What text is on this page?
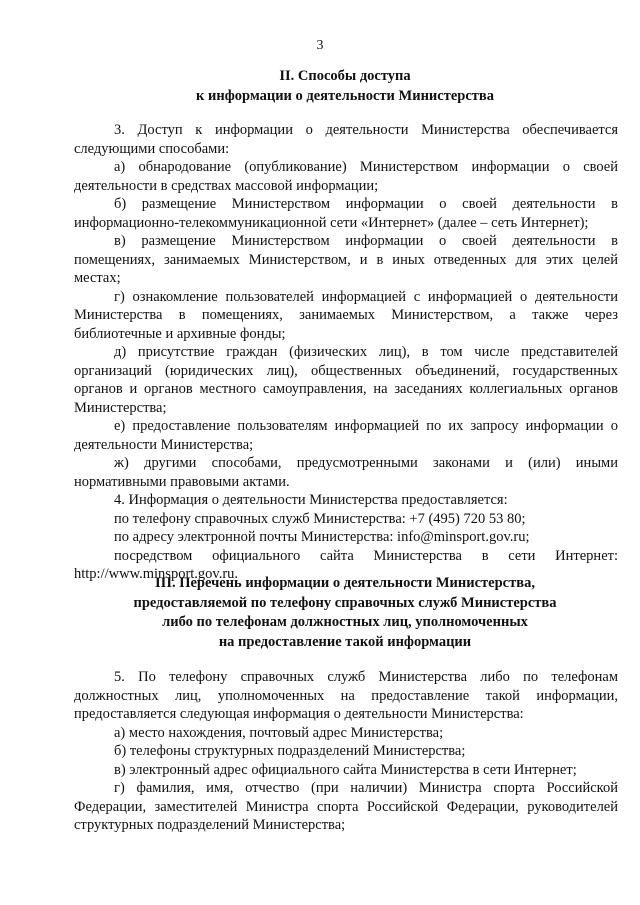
3
II. Способы доступа
к информации о деятельности Министерства

3. Доступ к информации о деятельности Министерства обеспечивается следующими способами:

а) обнародование (опубликование) Министерством информации о своей деятельности в средствах массовой информации;

б) размещение Министерством информации о своей деятельности в информационно-телекоммуникационной сети «Интернет» (далее – сеть Интернет);

в) размещение Министерством информации о своей деятельности в помещениях, занимаемых Министерством, и в иных отведенных для этих целей местах;

г) ознакомление пользователей информацией с информацией о деятельности Министерства в помещениях, занимаемых Министерством, а также через библиотечные и архивные фонды;

д) присутствие граждан (физических лиц), в том числе представителей организаций (юридических лиц), общественных объединений, государственных органов и органов местного самоуправления, на заседаниях коллегиальных органов Министерства;

е) предоставление пользователям информацией по их запросу информации о деятельности Министерства;

ж) другими способами, предусмотренными законами и (или) иными нормативными правовыми актами.

4. Информация о деятельности Министерства предоставляется:

по телефону справочных служб Министерства: +7 (495) 720 53 80;

по адресу электронной почты Министерства: info@minsport.gov.ru;

посредством официального сайта Министерства в сети Интернет: http://www.minsport.gov.ru.

III. Перечень информации о деятельности Министерства,
предоставляемой по телефону справочных служб Министерства
либо по телефонам должностных лиц, уполномоченных
на предоставление такой информации

5. По телефону справочных служб Министерства либо по телефонам должностных лиц, уполномоченных на предоставление такой информации, предоставляется следующая информация о деятельности Министерства:

а) место нахождения, почтовый адрес Министерства;

б) телефоны структурных подразделений Министерства;

в) электронный адрес официального сайта Министерства в сети Интернет;

г) фамилия, имя, отчество (при наличии) Министра спорта Российской Федерации, заместителей Министра спорта Российской Федерации, руководителей структурных подразделений Министерства;
